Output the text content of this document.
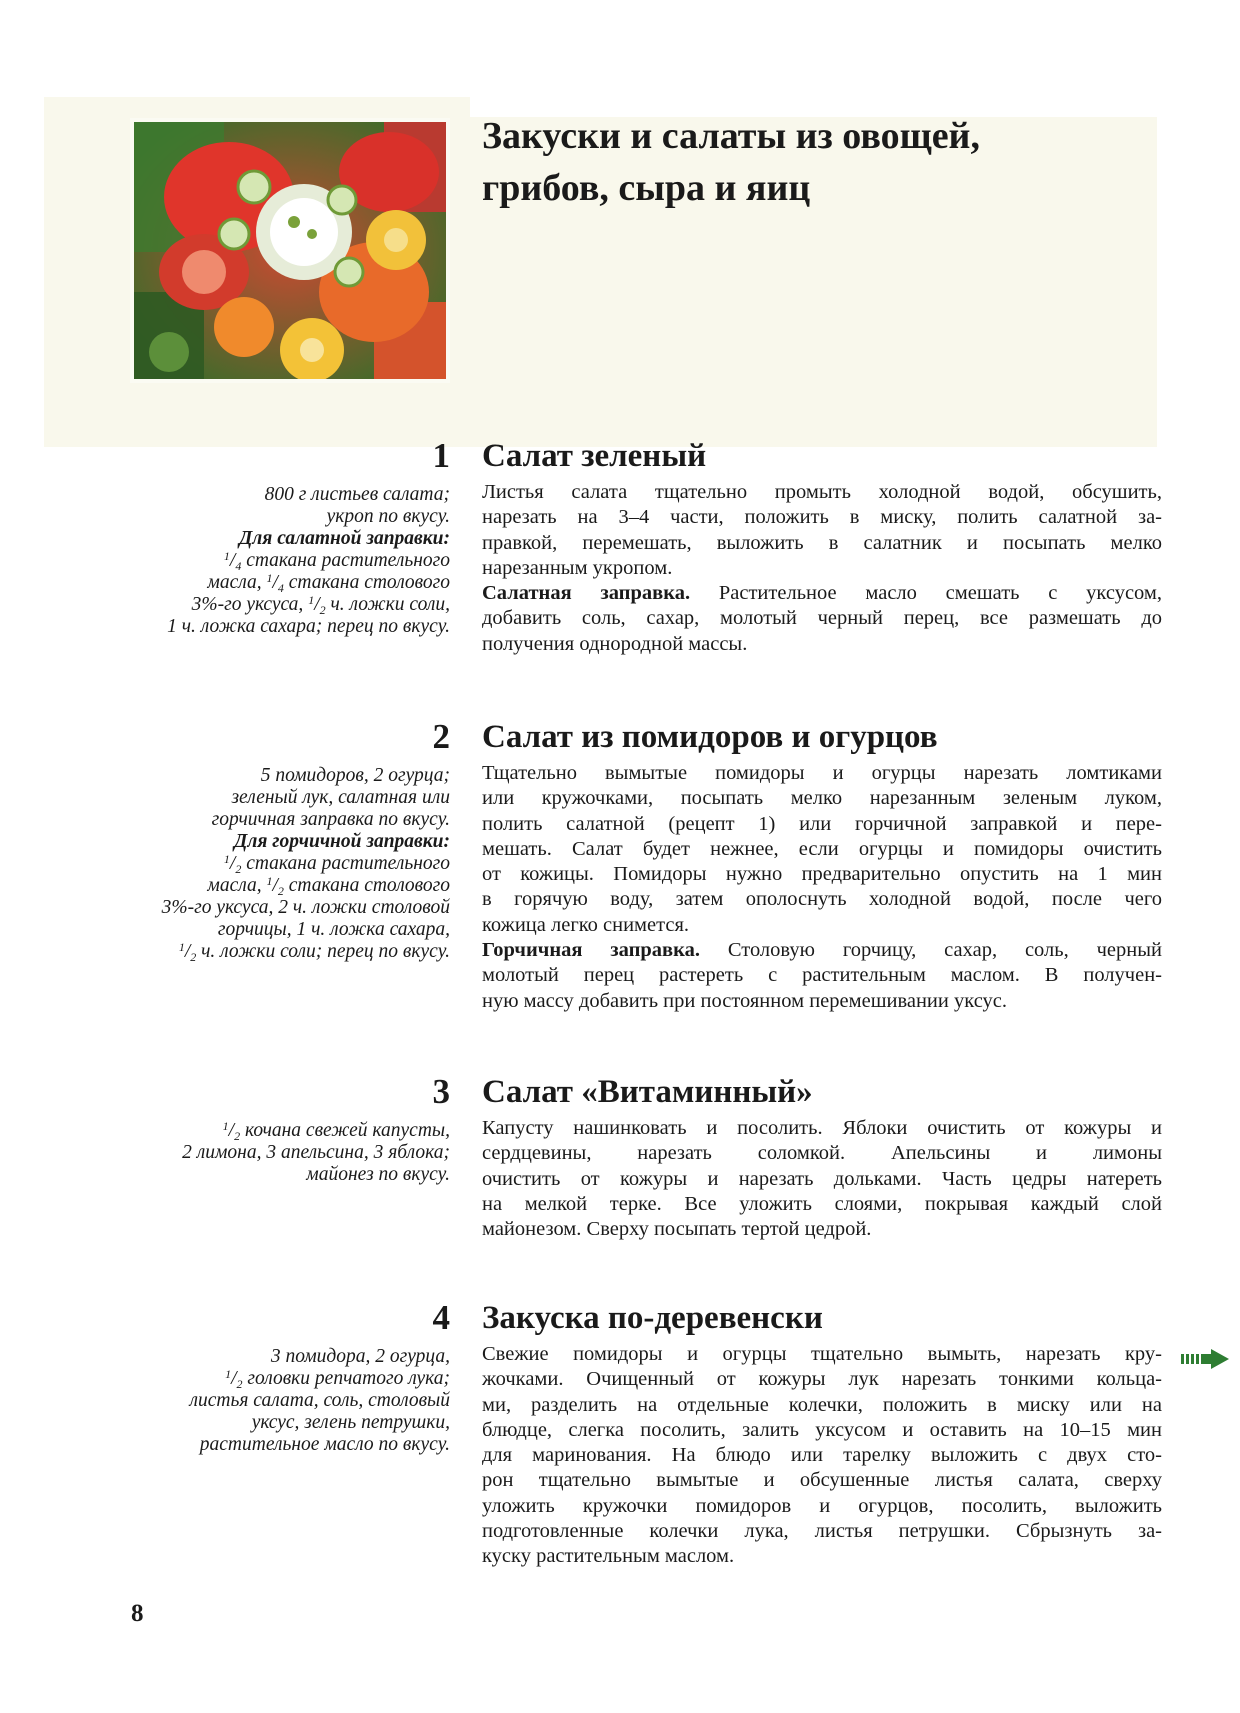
Закуски и салаты из овощей,
грибов, сыра и яиц
1 Салат зеленый
800 г листьев салата;
укроп по вкусу.
Для салатной заправки:
$^1/_4$ стакана растительного
масла, $^1/_4$ стакана столового
3%-го уксуса, $^1/_2$ ч. ложки соли,
1 ч. ложка сахара; перец по вкусу.
Листья салата тщательно промыть холодной водой, обсушить,
нарезать на 3–4 части, положить в миску, полить салатной за-
правкой, перемешать, выложить в салатник и посыпать мелко
нарезанным укропом.
Салатная заправка. Растительное масло смешать с уксусом,
добавить соль, сахар, молотый черный перец, все размешать до
получения однородной массы.
2 Салат из помидоров и огурцов
5 помидоров, 2 огурца;
зеленый лук, салатная или
горчичная заправка по вкусу.
Для горчичной заправки:
$^1/_2$ стакана растительного
масла, $^1/_2$ стакана столового
3%-го уксуса, 2 ч. ложки столовой
горчицы, 1 ч. ложка сахара,
$^1/_2$ ч. ложки соли; перец по вкусу.
Тщательно вымытые помидоры и огурцы нарезать ломтиками
или кружочками, посыпать мелко нарезанным зеленым луком,
полить салатной (рецепт 1) или горчичной заправкой и пере-
мешать. Салат будет нежнее, если огурцы и помидоры очистить
от кожицы. Помидоры нужно предварительно опустить на 1 мин
в горячую воду, затем ополоснуть холодной водой, после чего
кожица легко снимется.
Горчичная заправка. Столовую горчицу, сахар, соль, черный
молотый перец растереть с растительным маслом. В получен-
ную массу добавить при постоянном перемешивании уксус.
3 Салат «Витаминный»
$^1/_2$ кочана свежей капусты,
2 лимона, 3 апельсина, 3 яблока;
майонез по вкусу.
Капусту нашинковать и посолить. Яблоки очистить от кожуры и
сердцевины, нарезать соломкой. Апельсины и лимоны
очистить от кожуры и нарезать дольками. Часть цедры натереть
на мелкой терке. Все уложить слоями, покрывая каждый слой
майонезом. Сверху посыпать тертой цедрой.
4 Закуска по-деревенски
3 помидора, 2 огурца,
$^1/_2$ головки репчатого лука;
листья салата, соль, столовый
уксус, зелень петрушки,
растительное масло по вкусу.
Свежие помидоры и огурцы тщательно вымыть, нарезать кру-
жочками. Очищенный от кожуры лук нарезать тонкими кольца-
ми, разделить на отдельные колечки, положить в миску или на
блюдце, слегка посолить, залить уксусом и оставить на 10–15 мин
для маринования. На блюдо или тарелку выложить с двух сто-
рон тщательно вымытые и обсушенные листья салата, сверху
уложить кружочки помидоров и огурцов, посолить, выложить
подготовленные колечки лука, листья петрушки. Сбрызнуть за-
куску растительным маслом.
8
